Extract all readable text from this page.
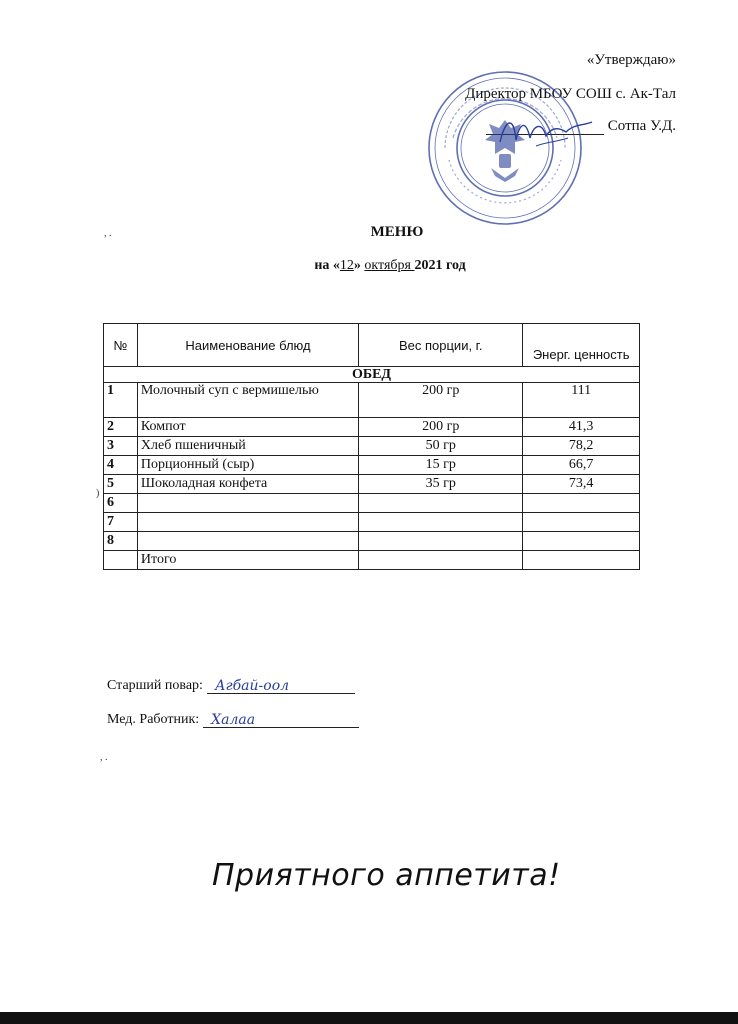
«Утверждаю»
Директор МБОУ СОШ с. Ак-Тал
Сотпа У.Д.
МЕНЮ
на «12» октября 2021 год
, .
№	Наименование блюд	Вес порции, г.	Энерг. ценность
ОБЕД			
1	Молочный суп с вермишелью	200 гр	111
2	Компот	200 гр	41,3
3	Хлеб пшеничный	50 гр	78,2
4	Порционный (сыр)	15 гр	66,7
5	Шоколадная конфета	35 гр	73,4
6			
7			
8			
	Итого		
)
Старший повар: Агбай-оол
Мед. Работник: Халаа
, .
Приятного аппетита!
